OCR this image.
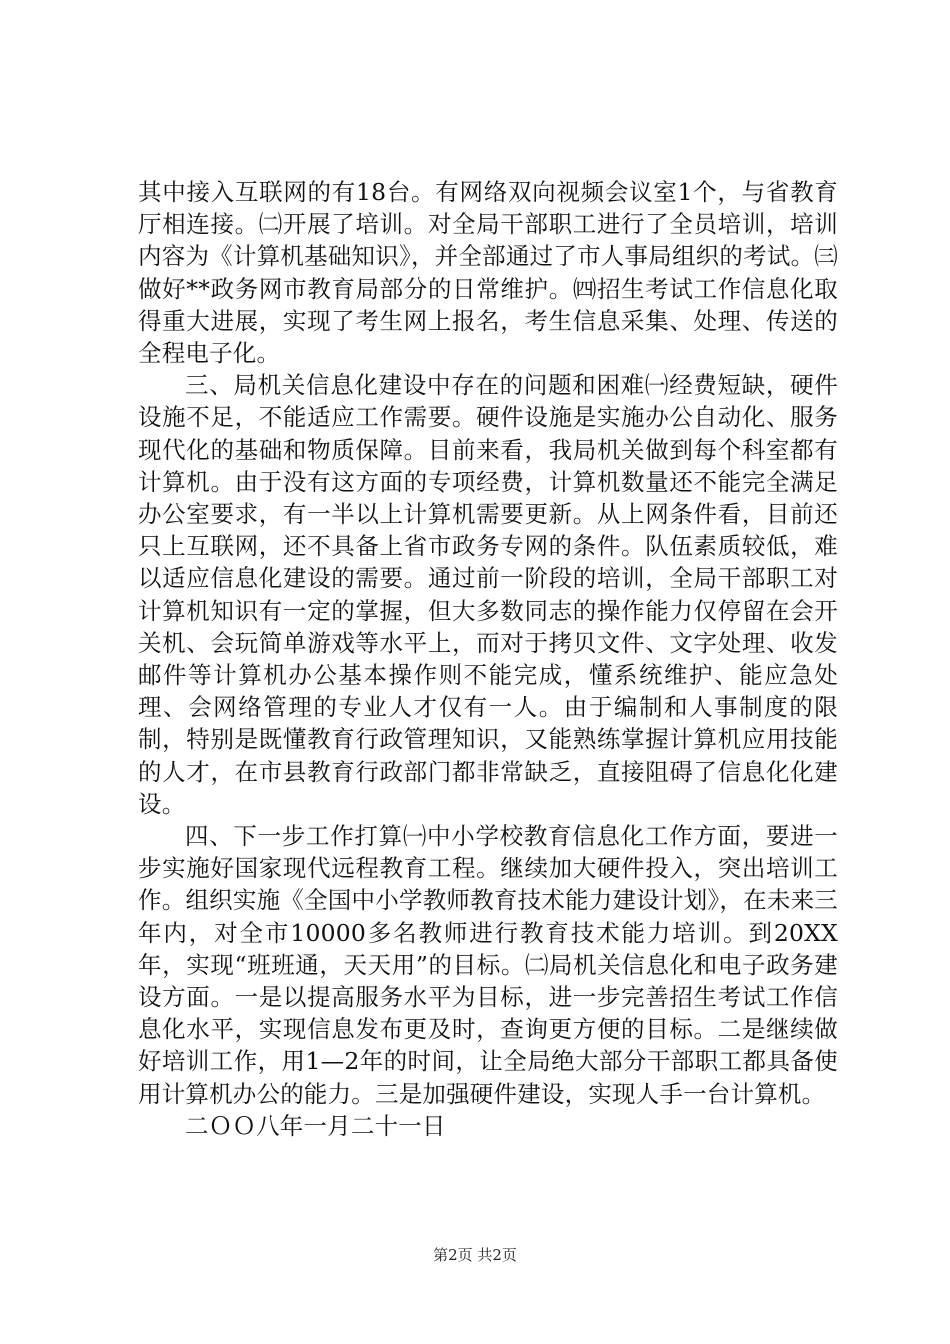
其中接入互联网的有18台。有网络双向视频会议室1个，与省教育厅相连接。㈡开展了培训。对全局干部职工进行了全员培训，培训内容为《计算机基础知识》，并全部通过了市人事局组织的考试。㈢做好**政务网市教育局部分的日常维护。㈣招生考试工作信息化取得重大进展，实现了考生网上报名，考生信息采集、处理、传送的全程电子化。

三、局机关信息化建设中存在的问题和困难㈠经费短缺，硬件设施不足，不能适应工作需要。硬件设施是实施办公自动化、服务现代化的基础和物质保障。目前来看，我局机关做到每个科室都有计算机。由于没有这方面的专项经费，计算机数量还不能完全满足办公室要求，有一半以上计算机需要更新。从上网条件看，目前还只上互联网，还不具备上省市政务专网的条件。队伍素质较低，难以适应信息化建设的需要。通过前一阶段的培训，全局干部职工对计算机知识有一定的掌握，但大多数同志的操作能力仅停留在会开关机、会玩简单游戏等水平上，而对于拷贝文件、文字处理、收发邮件等计算机办公基本操作则不能完成，懂系统维护、能应急处理、会网络管理的专业人才仅有一人。由于编制和人事制度的限制，特别是既懂教育行政管理知识，又能熟练掌握计算机应用技能的人才，在市县教育行政部门都非常缺乏，直接阻碍了信息化化建设。

四、下一步工作打算㈠中小学校教育信息化工作方面，要进一步实施好国家现代远程教育工程。继续加大硬件投入，突出培训工作。组织实施《全国中小学教师教育技术能力建设计划》，在未来三年内，对全市10000多名教师进行教育技术能力培训。到20XX年，实现“班班通，天天用”的目标。㈡局机关信息化和电子政务建设方面。一是以提高服务水平为目标，进一步完善招生考试工作信息化水平，实现信息发布更及时，查询更方便的目标。二是继续做好培训工作，用1—2年的时间，让全局绝大部分干部职工都具备使用计算机办公的能力。三是加强硬件建设，实现人手一台计算机。

二ＯＯ八年一月二十一日

第2页 共2页
